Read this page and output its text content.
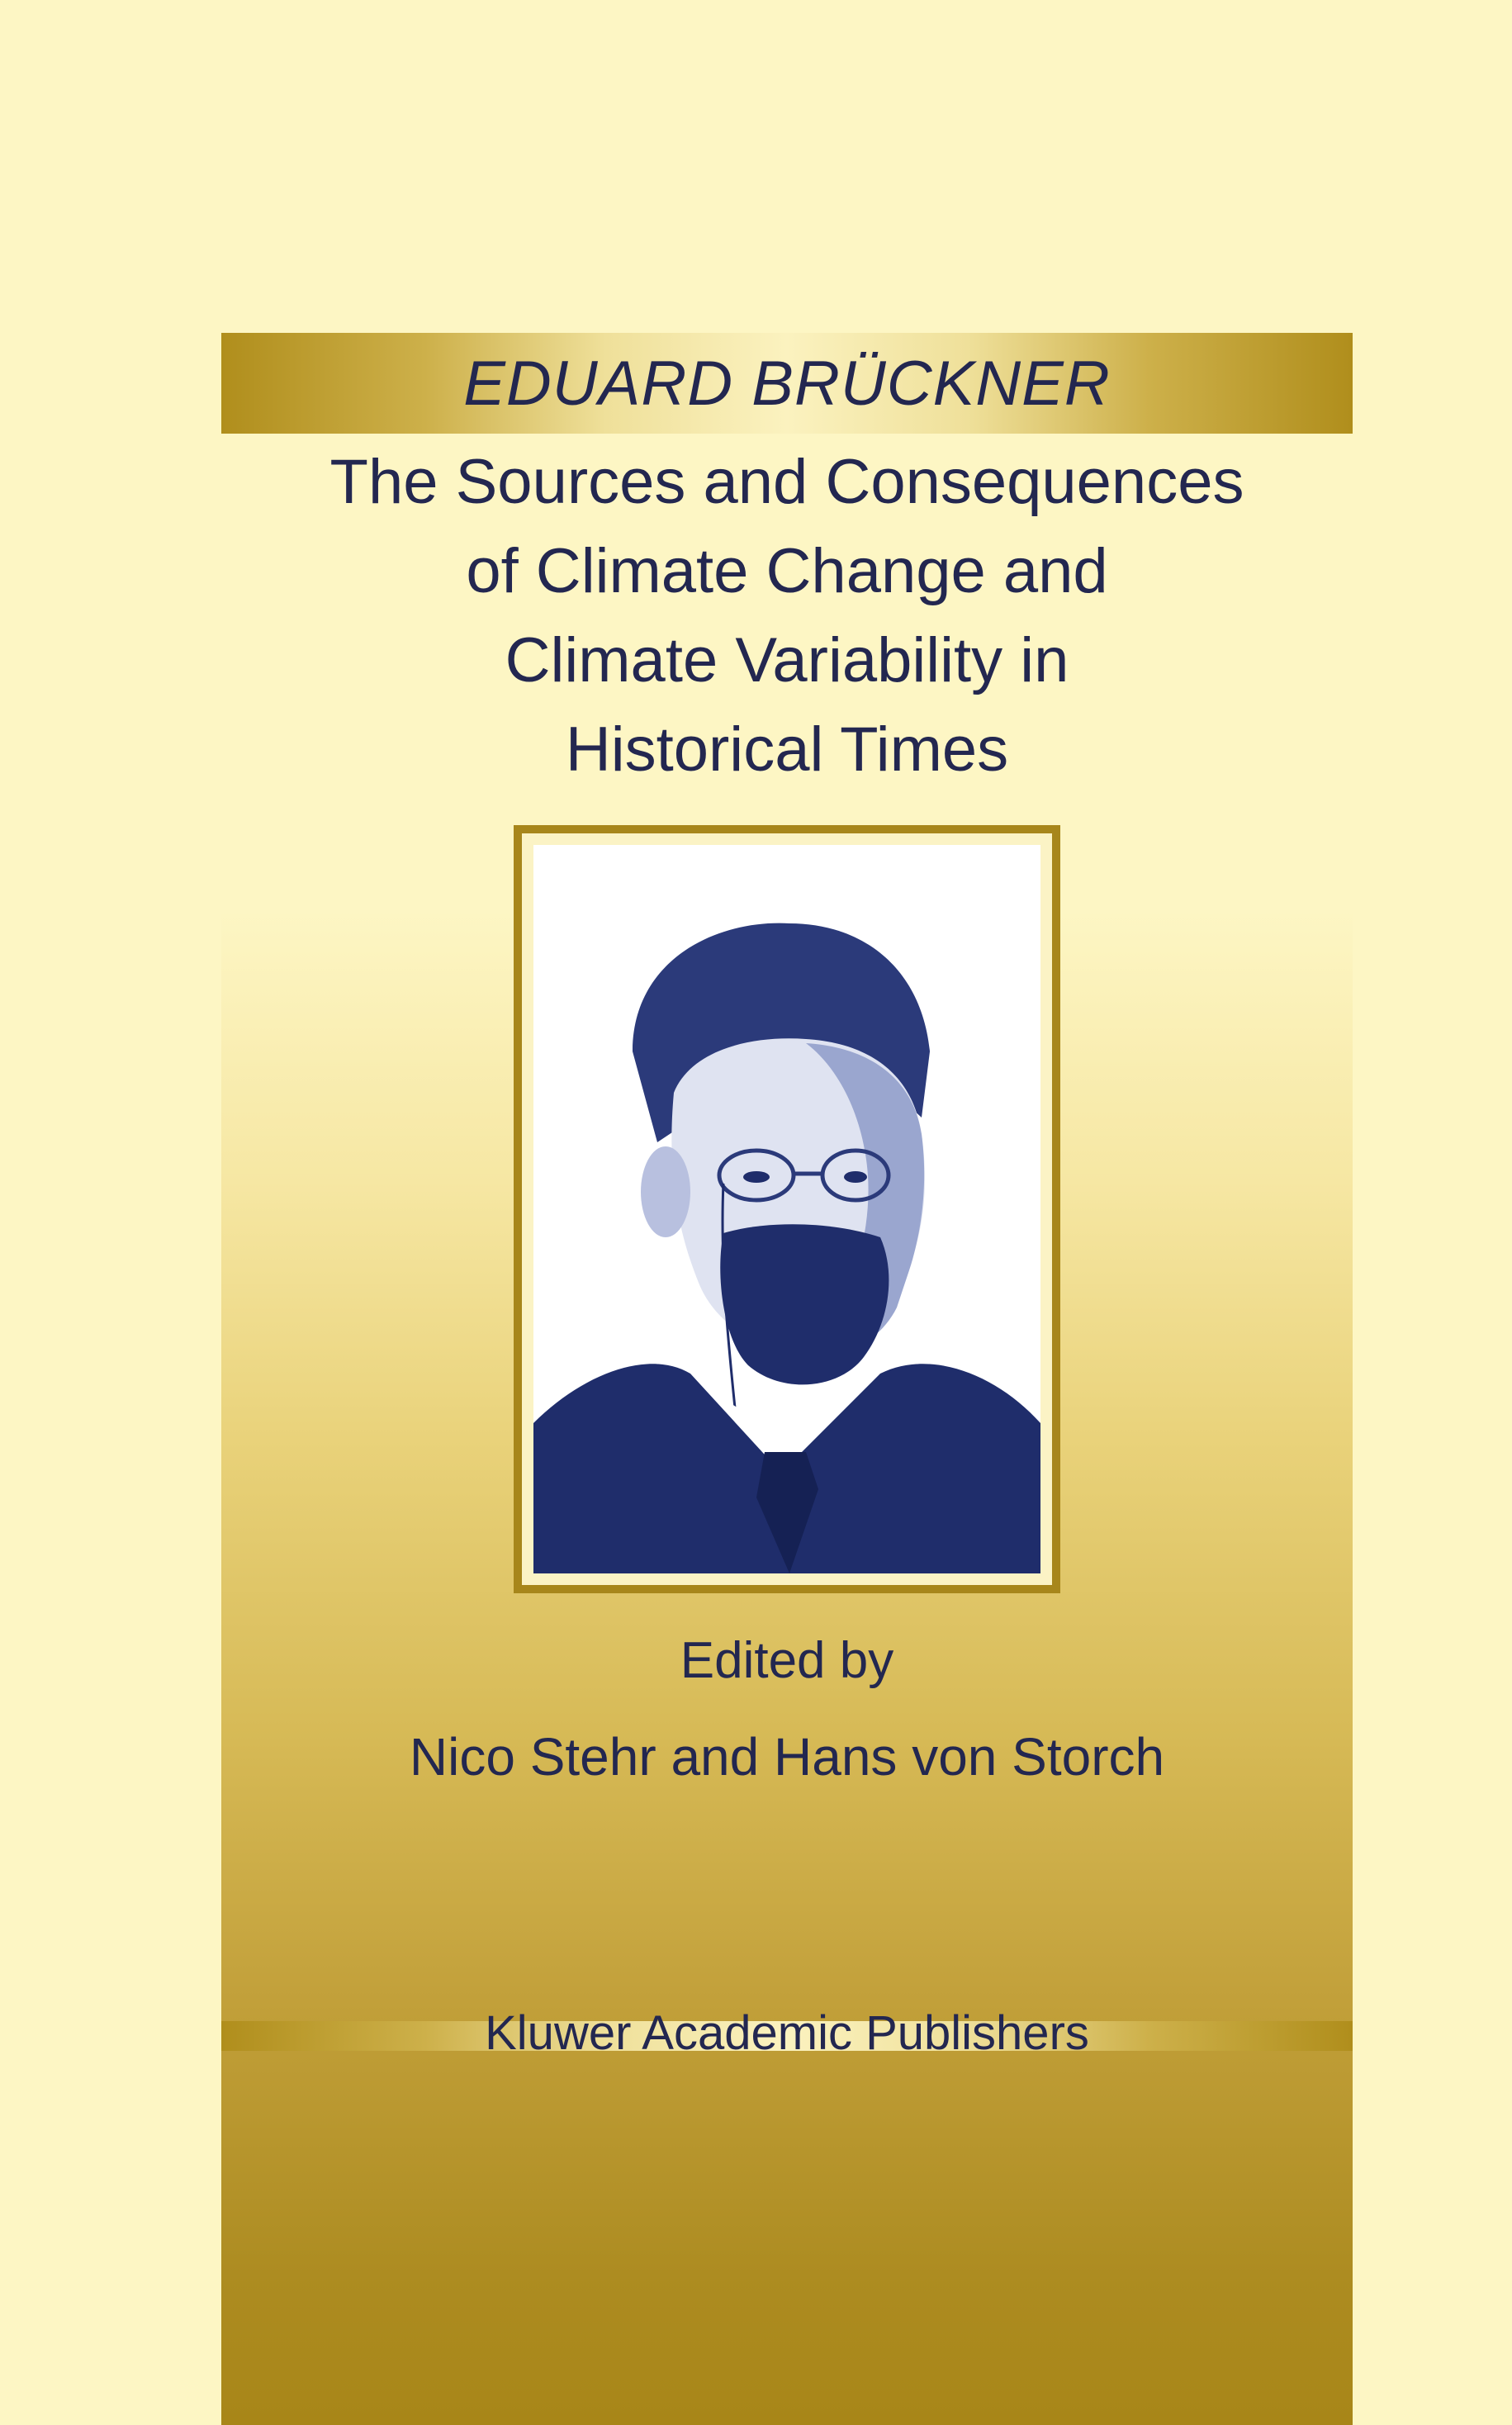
EDUARD BRÜCKNER
The Sources and Consequences
of Climate Change and
Climate Variability in
Historical Times
Edited by
Nico Stehr and Hans von Storch
Kluwer Academic Publishers
